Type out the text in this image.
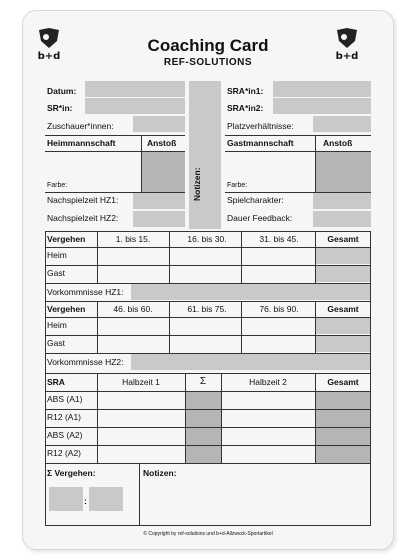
b+d	b+d
Coaching Card
REF-SOLUTIONS
Datum:
SR*in:
Zuschauer*innen:
Notizen:
SRA*in1:
SRA*in2:
Platzverhältnisse:
Heimmannschaft	Anstoß	Gastmannschaft	Anstoß
Farbe:	Farbe:
Nachspielzeit HZ1:
Nachspielzeit HZ2:
Spielcharakter:
Dauer Feedback:
Vergehen	1. bis 15.	16. bis 30.	31. bis 45.	Gesamt
Heim
Gast
Vorkommnisse HZ1:
Vergehen	46. bis 60.	61. bis 75.	76. bis 90.	Gesamt
Heim
Gast
Vorkommnisse HZ2:
SRA	Halbzeit 1	Σ	Halbzeit 2	Gesamt
ABS (A1)
R12 (A1)
ABS (A2)
R12 (A2)
Σ Vergehen:
:
Notizen:
© Copyright by ref-solutions und b+d-Allzweck-Sportartikel
